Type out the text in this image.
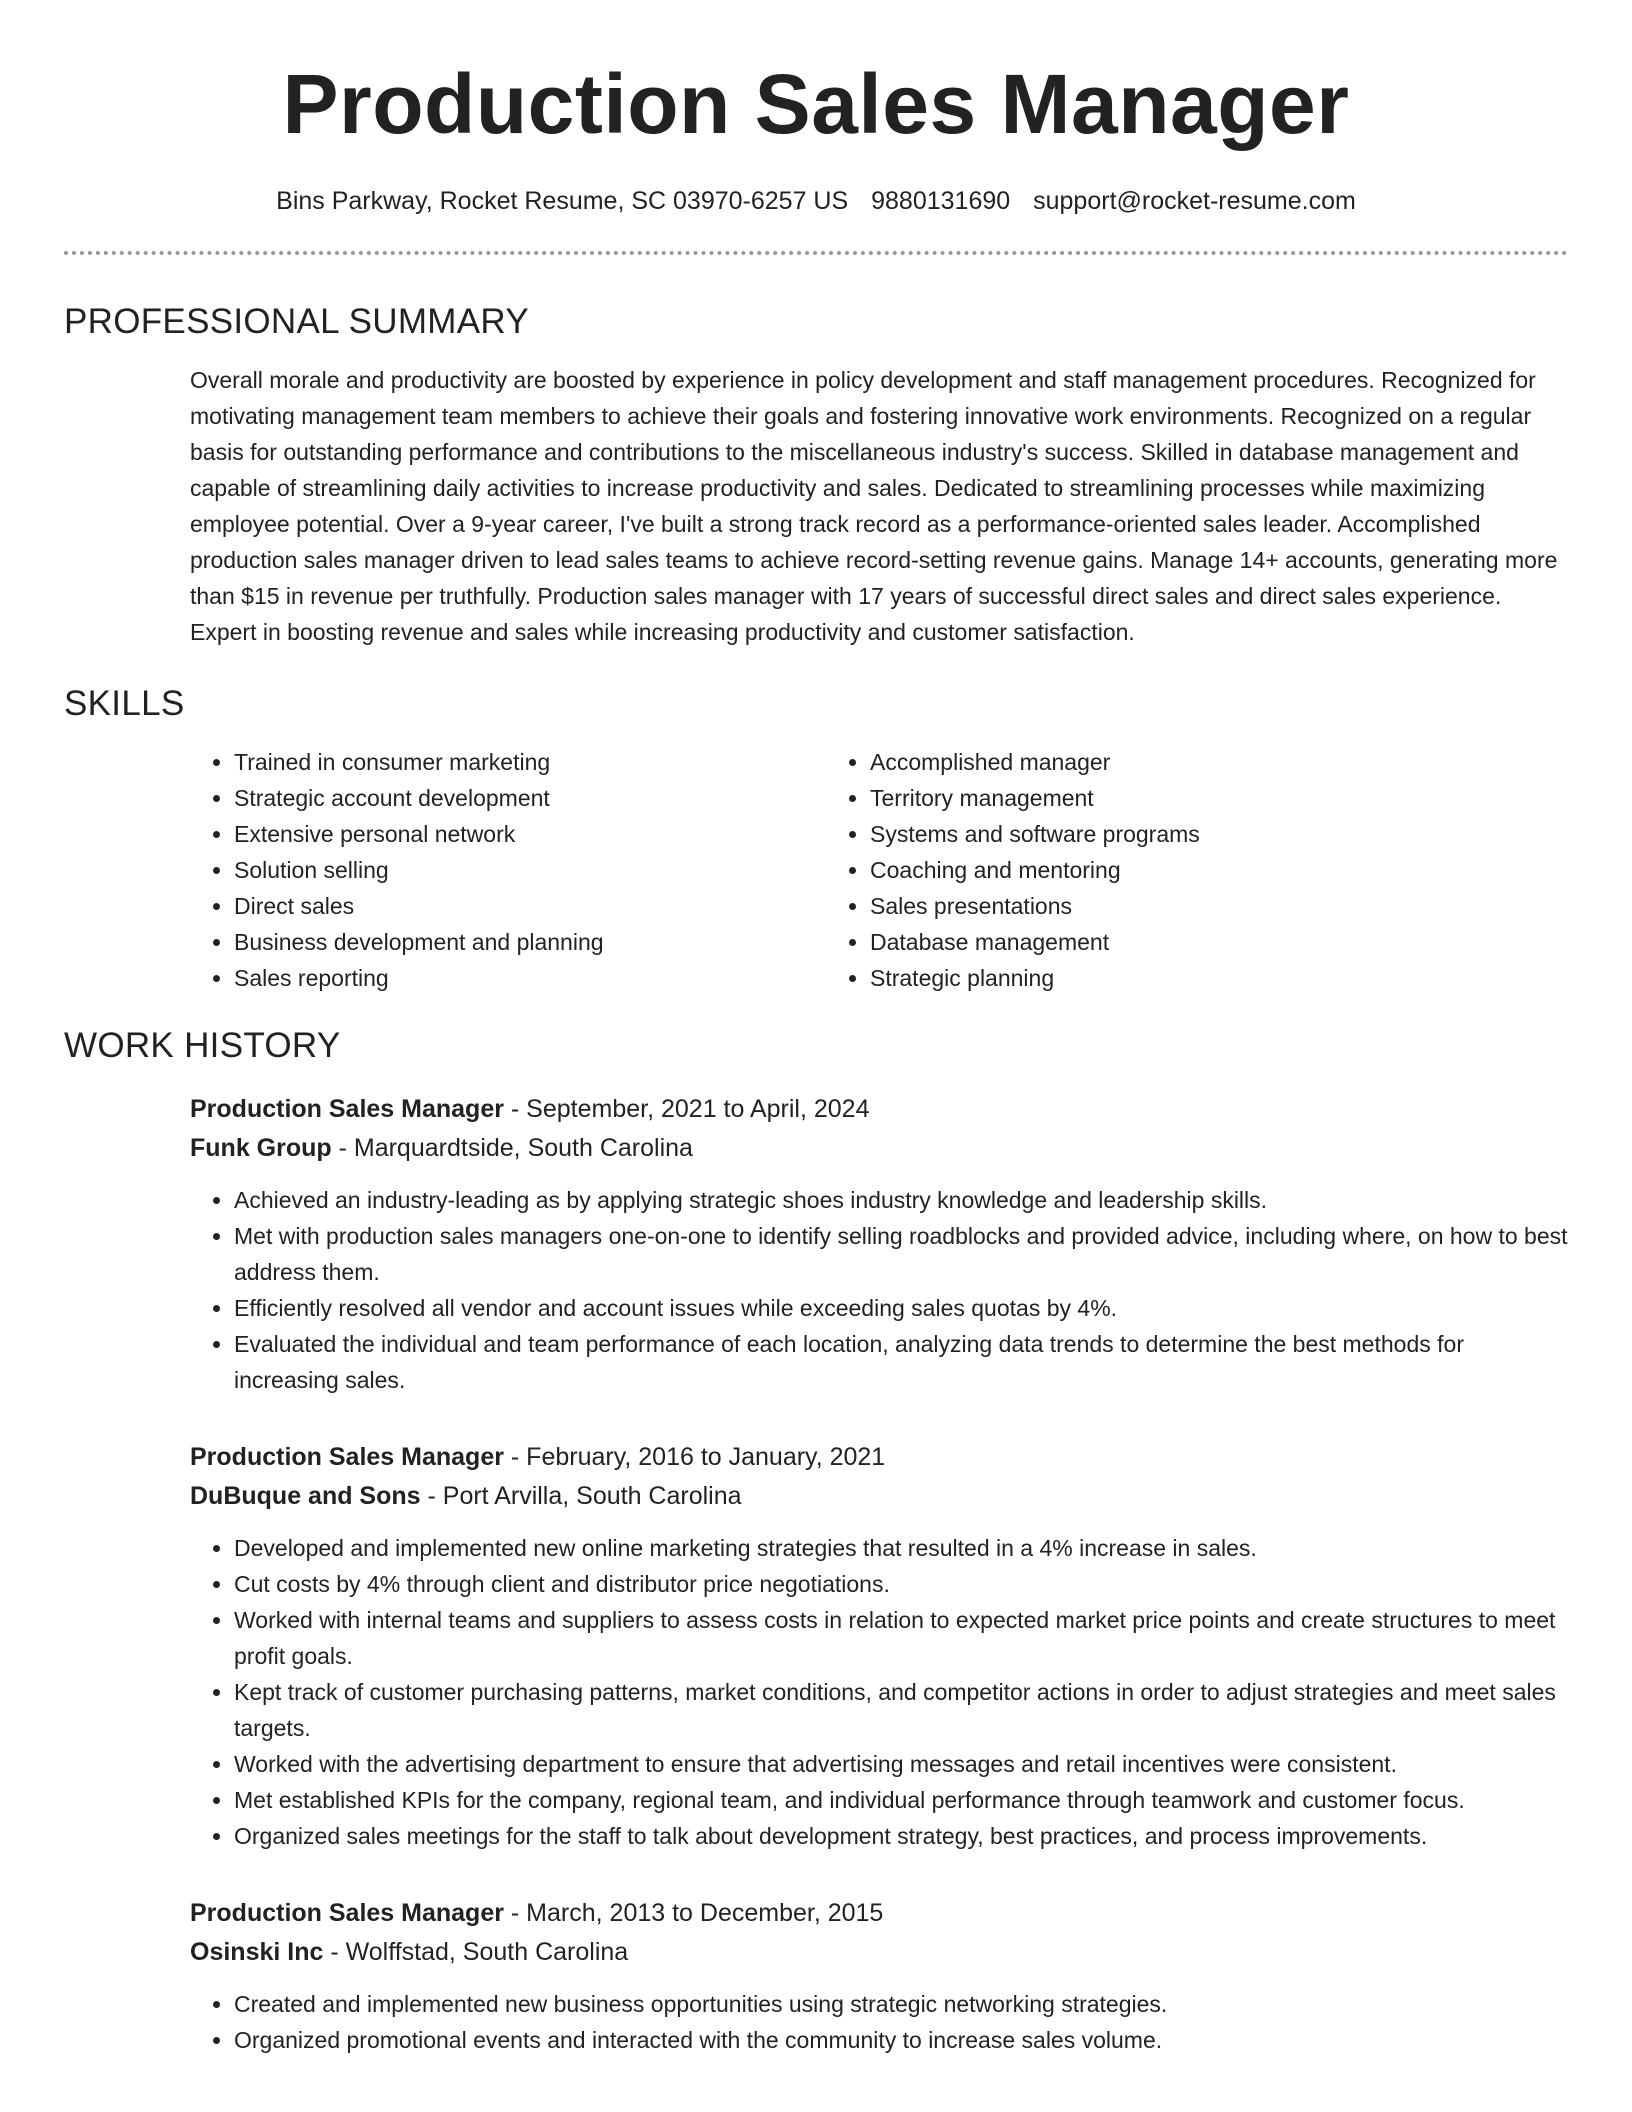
Production Sales Manager
Bins Parkway, Rocket Resume, SC 03970-6257 US 9880131690 support@rocket-resume.com
PROFESSIONAL SUMMARY
Overall morale and productivity are boosted by experience in policy development and staff management procedures. Recognized for motivating management team members to achieve their goals and fostering innovative work environments. Recognized on a regular basis for outstanding performance and contributions to the miscellaneous industry's success. Skilled in database management and capable of streamlining daily activities to increase productivity and sales. Dedicated to streamlining processes while maximizing employee potential. Over a 9-year career, I've built a strong track record as a performance-oriented sales leader. Accomplished production sales manager driven to lead sales teams to achieve record-setting revenue gains. Manage 14+ accounts, generating more than $15 in revenue per truthfully. Production sales manager with 17 years of successful direct sales and direct sales experience. Expert in boosting revenue and sales while increasing productivity and customer satisfaction.
SKILLS
• Trained in consumer marketing
• Strategic account development
• Extensive personal network
• Solution selling
• Direct sales
• Business development and planning
• Sales reporting
• Accomplished manager
• Territory management
• Systems and software programs
• Coaching and mentoring
• Sales presentations
• Database management
• Strategic planning
WORK HISTORY
Production Sales Manager - September, 2021 to April, 2024
Funk Group - Marquardtside, South Carolina
• Achieved an industry-leading as by applying strategic shoes industry knowledge and leadership skills.
• Met with production sales managers one-on-one to identify selling roadblocks and provided advice, including where, on how to best address them.
• Efficiently resolved all vendor and account issues while exceeding sales quotas by 4%.
• Evaluated the individual and team performance of each location, analyzing data trends to determine the best methods for increasing sales.
Production Sales Manager - February, 2016 to January, 2021
DuBuque and Sons - Port Arvilla, South Carolina
• Developed and implemented new online marketing strategies that resulted in a 4% increase in sales.
• Cut costs by 4% through client and distributor price negotiations.
• Worked with internal teams and suppliers to assess costs in relation to expected market price points and create structures to meet profit goals.
• Kept track of customer purchasing patterns, market conditions, and competitor actions in order to adjust strategies and meet sales targets.
• Worked with the advertising department to ensure that advertising messages and retail incentives were consistent.
• Met established KPIs for the company, regional team, and individual performance through teamwork and customer focus.
• Organized sales meetings for the staff to talk about development strategy, best practices, and process improvements.
Production Sales Manager - March, 2013 to December, 2015
Osinski Inc - Wolffstad, South Carolina
• Created and implemented new business opportunities using strategic networking strategies.
• Organized promotional events and interacted with the community to increase sales volume.
